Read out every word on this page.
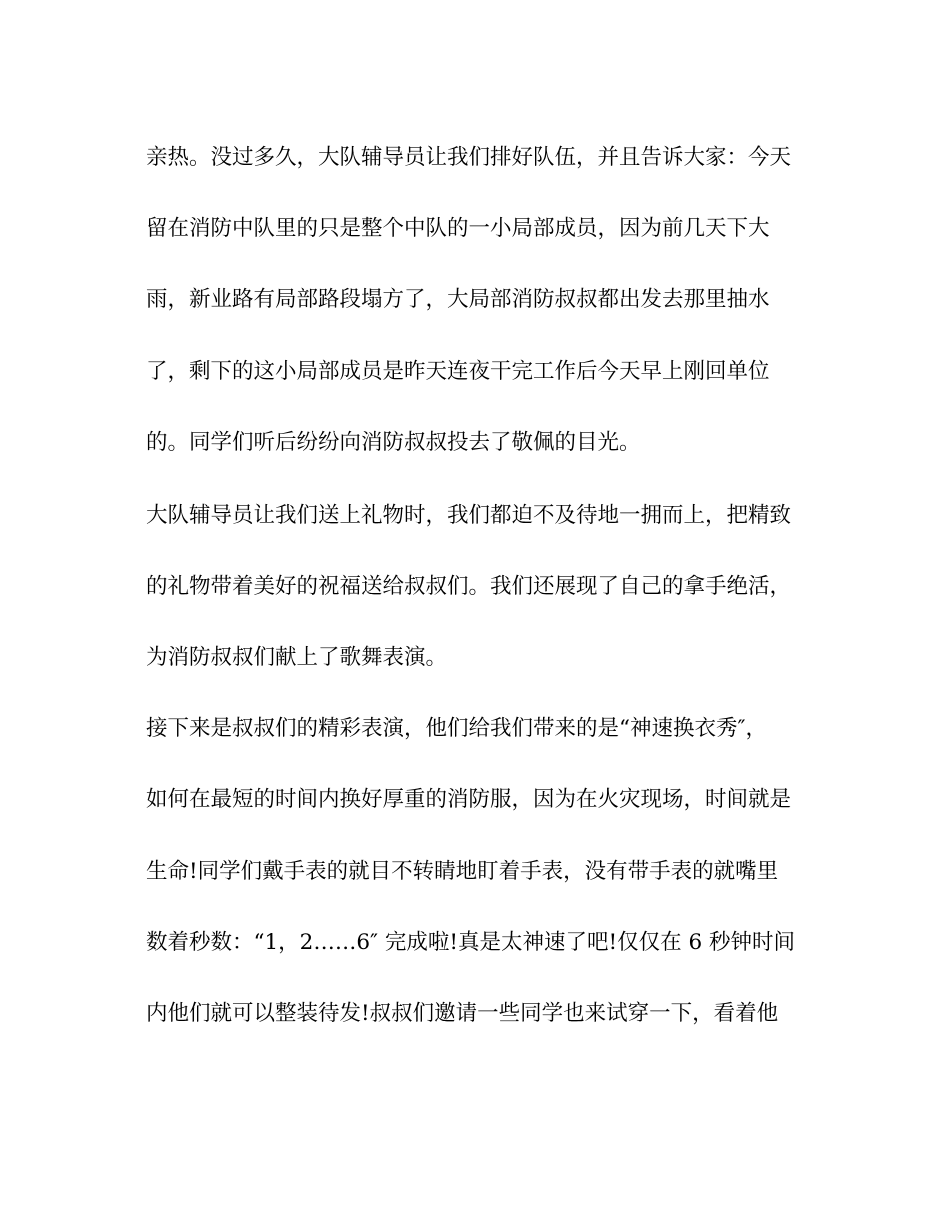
亲热。没过多久，大队辅导员让我们排好队伍，并且告诉大家：今天
留在消防中队里的只是整个中队的一小局部成员，因为前几天下大
雨，新业路有局部路段塌方了，大局部消防叔叔都出发去那里抽水
了，剩下的这小局部成员是昨天连夜干完工作后今天早上刚回单位
的。同学们听后纷纷向消防叔叔投去了敬佩的目光。
大队辅导员让我们送上礼物时，我们都迫不及待地一拥而上，把精致
的礼物带着美好的祝福送给叔叔们。我们还展现了自己的拿手绝活，
为消防叔叔们献上了歌舞表演。
接下来是叔叔们的精彩表演，他们给我们带来的是“神速换衣秀″，
如何在最短的时间内换好厚重的消防服，因为在火灾现场，时间就是
生命!同学们戴手表的就目不转睛地盯着手表，没有带手表的就嘴里
数着秒数：“1，2……6″ 完成啦!真是太神速了吧!仅仅在 6 秒钟时间
内他们就可以整装待发!叔叔们邀请一些同学也来试穿一下，看着他
